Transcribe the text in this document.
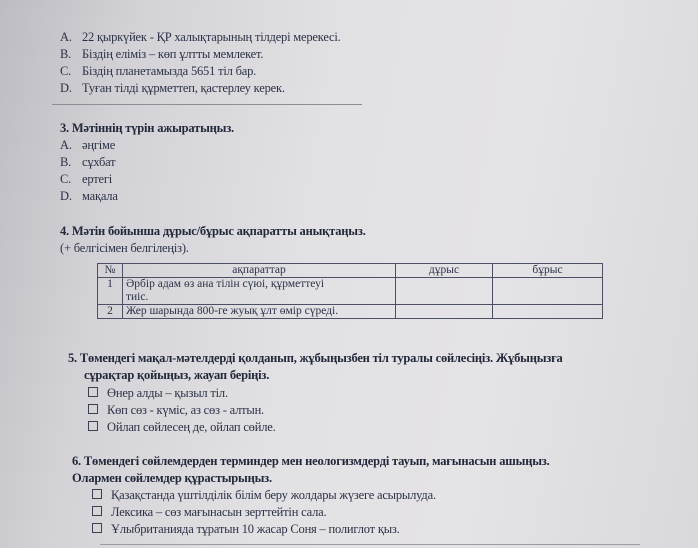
A. 22 қыркүйек - ҚР халықтарының тілдері мерекесі.
B. Біздің еліміз – көп ұлтты мемлекет.
C. Біздің планетамызда 5651 тіл бар.
D. Туған тілді құрметтеп, қастерлеу керек.
3. Мәтіннің түрін ажыратыңыз.
A. әңгіме
B. сұхбат
C. ертегі
D. мақала
4. Мәтін бойынша дұрыс/бұрыс ақпаратты анықтаңыз.
(+ белгісімен белгілеңіз).
№	ақпараттар	дұрыс	бұрыс
1	Әрбір адам өз ана тілін сүюі, құрметтеуі
тиіс.		

2	Жер шарында 800-ге жуық ұлт өмір сүреді.		
5. Төмендегі мақал-мәтелдерді қолданып, жұбыңызбен тіл туралы сөйлесіңіз. Жұбыңызға
сұрақтар қойыңыз, жауап беріңіз.
Өнер алды – қызыл тіл.
Көп сөз - күміс, аз сөз - алтын.
Ойлап сөйлесең де, ойлап сөйле.
6. Төмендегі сөйлемдерден терминдер мен неологизмдерді тауып, мағынасын ашыңыз.
Олармен сөйлемдер құрастырыңыз.
Қазақстанда үштілділік білім беру жолдары жүзеге асырылуда.
Лексика – сөз мағынасын зерттейтін сала.
Ұлыбританияда тұратын 10 жасар Соня – полиглот қыз.
